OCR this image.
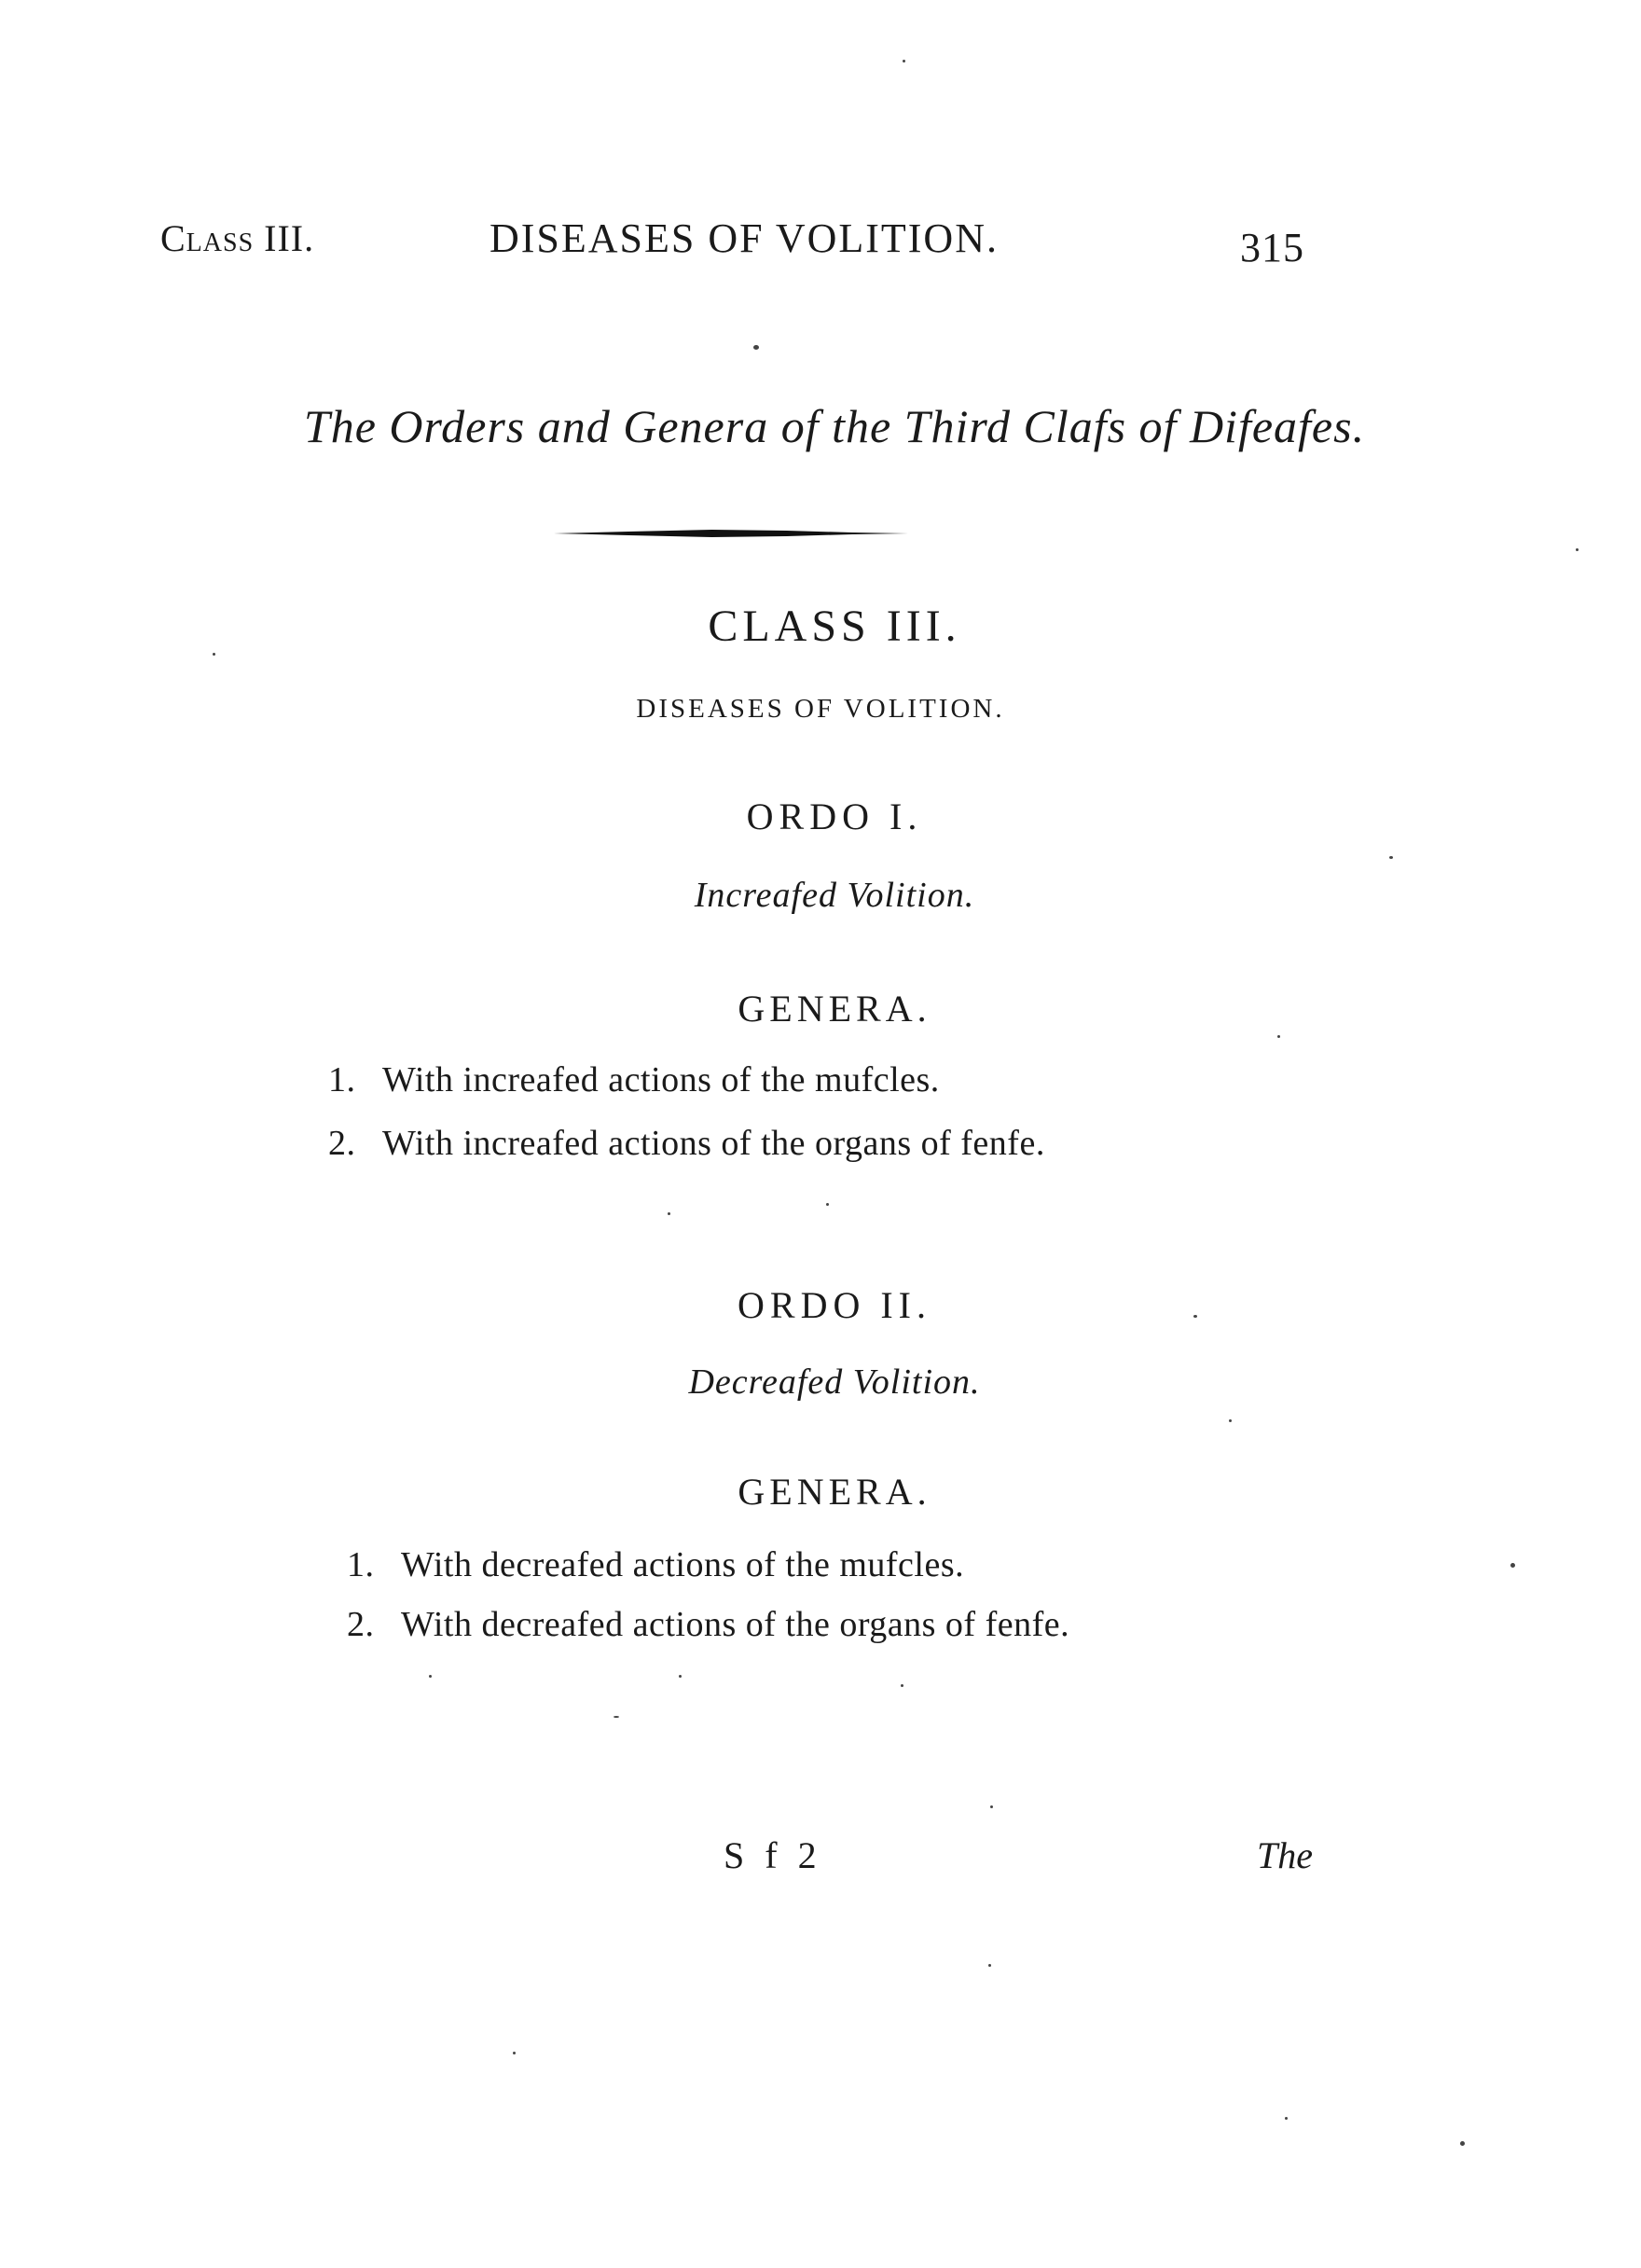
Class III.	DISEASES OF VOLITION.	315
The Orders and Genera of the Third Clafs of Difeafes.
CLASS III.
DISEASES OF VOLITION.
ORDO I.
Increafed Volition.
GENERA.
1. With increafed actions of the mufcles.
2. With increafed actions of the organs of fenfe.
ORDO II.
Decreafed Volition.
GENERA.
1. With decreafed actions of the mufcles.
2. With decreafed actions of the organs of fenfe.
S f 2	The
